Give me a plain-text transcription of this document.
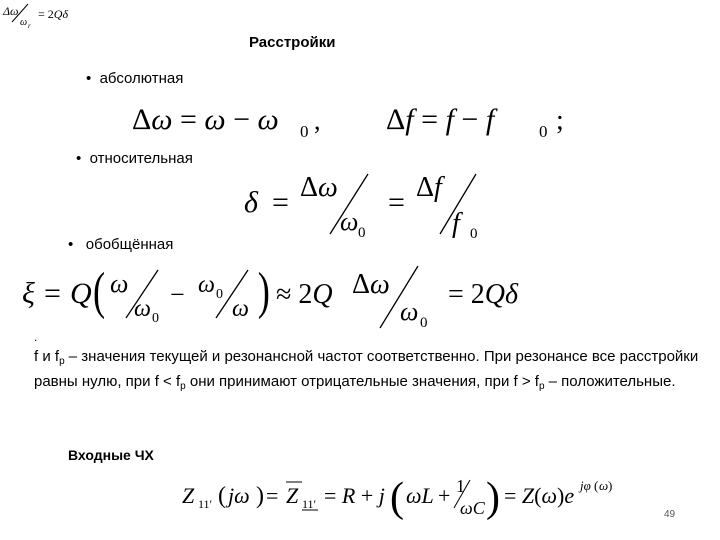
Расстройки
•  абсолютная
•  относительная
•   обобщённая
.
f и $f_р$ – значения текущей и резонансной частот соответственно. При резонансе все расстройки равны нулю, при $f < f_р$ они принимают отрицательные значения, при $f > f_р$ – положительные.
Входные ЧХ
49
Δω
ω r
= 2Qδ
Δω = ω − ω 0 , Δf = f − f	0 ;
δ = Δω
ω 0
= Δf
f 0
ξ = Q ( ω
ω 0
− ω 0
ω ) ≈ 2Q Δω
ω 0
= 2Qδ
Z 11′ ( jω ) = Z 11′ = R + j ( ωL + 1
ωC ) = Z(ω)e jφ ( ω )
